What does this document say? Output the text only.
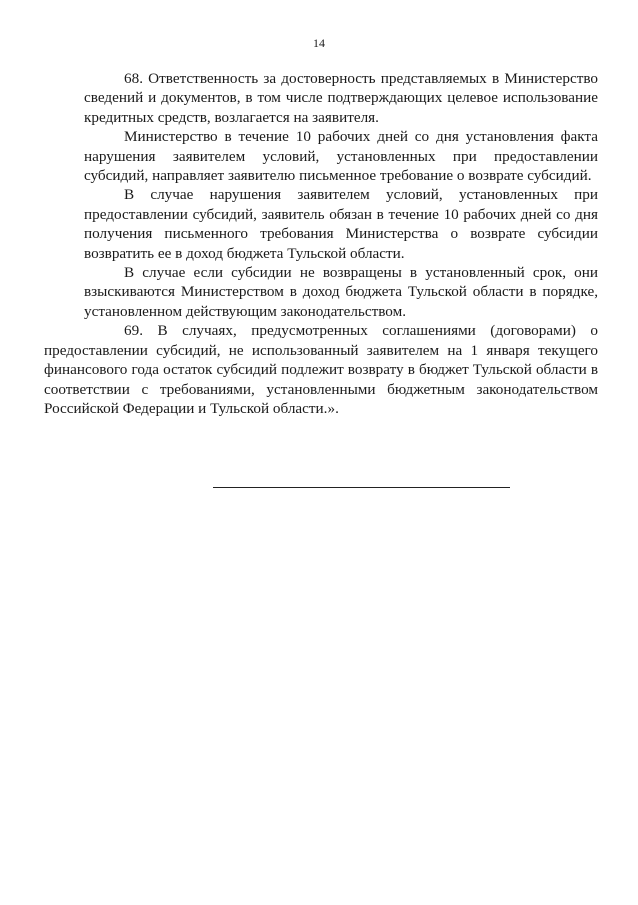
14

68. Ответственность за достоверность представляемых в Министерство сведений и документов, в том числе подтверждающих целевое использование кредитных средств, возлагается на заявителя.

Министерство в течение 10 рабочих дней со дня установления факта нарушения заявителем условий, установленных при предоставлении субсидий, направляет заявителю письменное требование о возврате субсидий.

В случае нарушения заявителем условий, установленных при предоставлении субсидий, заявитель обязан в течение 10 рабочих дней со дня получения письменного требования Министерства о возврате субсидии возвратить ее в доход бюджета Тульской области.

В случае если субсидии не возвращены в установленный срок, они взыскиваются Министерством в доход бюджета Тульской области в порядке, установленном действующим законодательством.

69. В случаях, предусмотренных соглашениями (договорами) о предоставлении субсидий, не использованный заявителем на 1 января текущего финансового года остаток субсидий подлежит возврату в бюджет Тульской области в соответствии с требованиями, установленными бюджетным законодательством Российской Федерации и Тульской области.».
